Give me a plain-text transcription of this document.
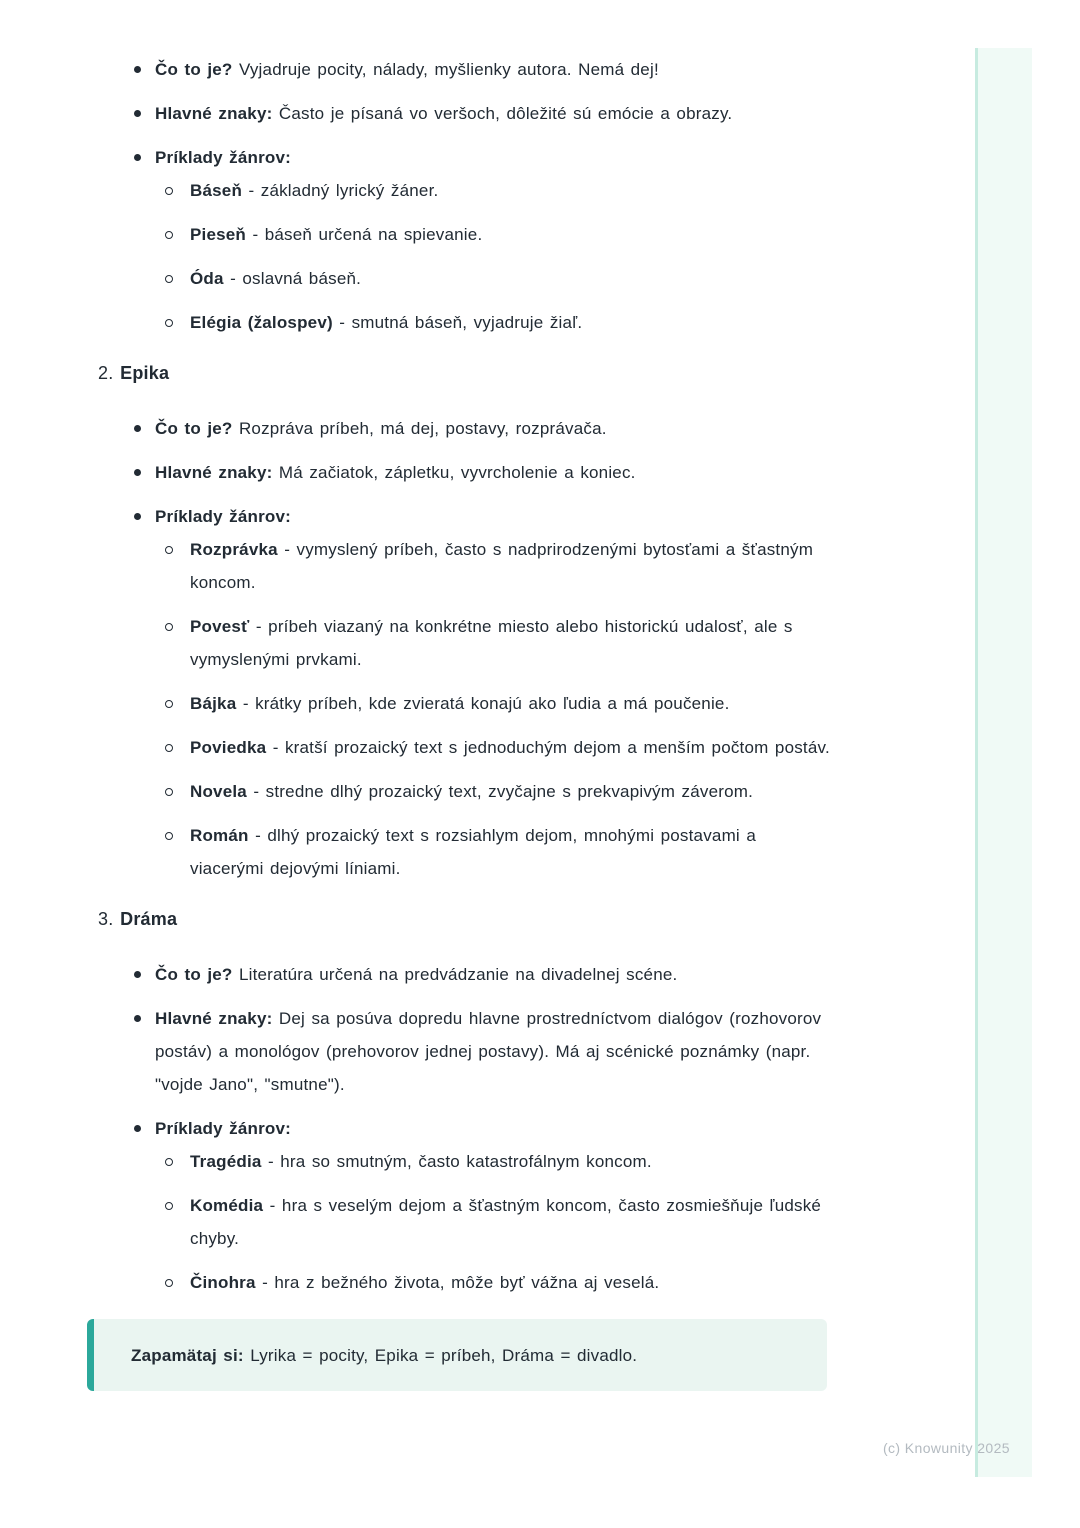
Čo to je? Vyjadruje pocity, nálady, myšlienky autora. Nemá dej!
Hlavné znaky: Často je písaná vo veršoch, dôležité sú emócie a obrazy.
Príklady žánrov:
Báseň - základný lyrický žáner.
Pieseň - báseň určená na spievanie.
Óda - oslavná báseň.
Elégia (žalospev) - smutná báseň, vyjadruje žiaľ.
2. Epika
Čo to je? Rozpráva príbeh, má dej, postavy, rozprávača.
Hlavné znaky: Má začiatok, zápletku, vyvrcholenie a koniec.
Príklady žánrov:
Rozprávka - vymyslený príbeh, často s nadprirodzenými bytosťami a šťastným koncom.
Povesť - príbeh viazaný na konkrétne miesto alebo historickú udalosť, ale s vymyslenými prvkami.
Bájka - krátky príbeh, kde zvieratá konajú ako ľudia a má poučenie.
Poviedka - kratší prozaický text s jednoduchým dejom a menším počtom postáv.
Novela - stredne dlhý prozaický text, zvyčajne s prekvapivým záverom.
Román - dlhý prozaický text s rozsiahlym dejom, mnohými postavami a viacerými dejovými líniami.
3. Dráma
Čo to je? Literatúra určená na predvádzanie na divadelnej scéne.
Hlavné znaky: Dej sa posúva dopredu hlavne prostredníctvom dialógov (rozhovorov postáv) a monológov (prehovorov jednej postavy). Má aj scénické poznámky (napr. "vojde Jano", "smutne").
Príklady žánrov:
Tragédia - hra so smutným, často katastrofálnym koncom.
Komédia - hra s veselým dejom a šťastným koncom, často zosmiešňuje ľudské chyby.
Činohra - hra z bežného života, môže byť vážna aj veselá.
Zapamätaj si: Lyrika = pocity, Epika = príbeh, Dráma = divadlo.
(c) Knowunity 2025
